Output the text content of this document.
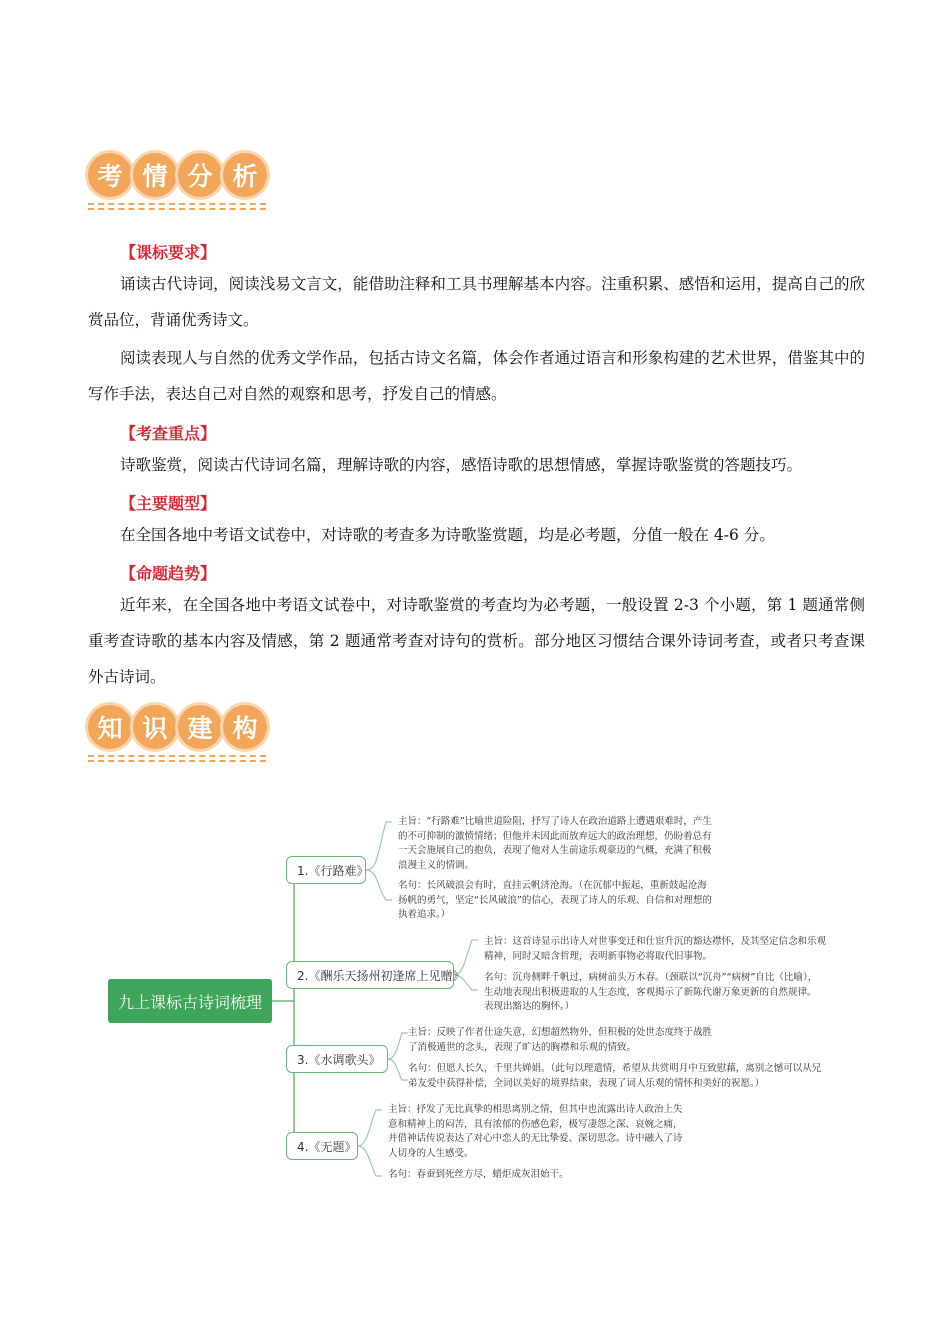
考 情 分 析
【课标要求】
诵读古代诗词，阅读浅易文言文，能借助注释和工具书理解基本内容。注重积累、感悟和运用，提高自己的欣赏品位，背诵优秀诗文。
阅读表现人与自然的优秀文学作品，包括古诗文名篇，体会作者通过语言和形象构建的艺术世界，借鉴其中的写作手法，表达自己对自然的观察和思考，抒发自己的情感。
【考查重点】
诗歌鉴赏，阅读古代诗词名篇，理解诗歌的内容，感悟诗歌的思想情感，掌握诗歌鉴赏的答题技巧。
【主要题型】
在全国各地中考语文试卷中，对诗歌的考查多为诗歌鉴赏题，均是必考题，分值一般在 4-6 分。
【命题趋势】
近年来，在全国各地中考语文试卷中，对诗歌鉴赏的考查均为必考题，一般设置 2-3 个小题，第 1 题通常侧重考查诗歌的基本内容及情感，第 2 题通常考查对诗句的赏析。部分地区习惯结合课外诗词考查，或者只考查课外古诗词。
知 识 建 构
九上课标古诗词梳理
1.《行路难》
2.《酬乐天扬州初逢席上见赠》
3.《水调歌头》
4.《无题》
主旨：“行路难”比喻世道险阻，抒写了诗人在政治道路上遭遇艰难时，产生的不可抑制的激愤情绪；但他并未因此而放弃远大的政治理想，仍盼着总有一天会施展自己的抱负，表现了他对人生前途乐观豪迈的气概，充满了积极浪漫主义的情调。
名句：长风破浪会有时，直挂云帆济沧海。（在沉郁中振起，重新鼓起沧海扬帆的勇气，坚定“长风破浪”的信心，表现了诗人的乐观、自信和对理想的执着追求。）
主旨：这首诗显示出诗人对世事变迁和仕宦升沉的豁达襟怀，及其坚定信念和乐观精神，同时又暗含哲理，表明新事物必将取代旧事物。
名句：沉舟侧畔千帆过，病树前头万木春。（颈联以“沉舟”“病树”自比（比喻），生动地表现出积极进取的人生态度，客观揭示了新陈代谢万象更新的自然规律。表现出豁达的胸怀。）
主旨：反映了作者仕途失意，幻想超然物外，但积极的处世态度终于战胜了消极遁世的念头，表现了旷达的胸襟和乐观的情致。
名句：但愿人长久，千里共婵娟。（此句以理遣情，希望从共赏明月中互致慰藉，离别之憾可以从兄弟友爱中获得补偿，全词以美好的境界结束，表现了词人乐观的情怀和美好的祝愿。）
主旨：抒发了无比真挚的相思离别之情，但其中也流露出诗人政治上失意和精神上的闷苦，具有浓郁的伤感色彩，极写凄怨之深、哀婉之痛，并借神话传说表达了对心中恋人的无比挚爱、深切思念。诗中融入了诗人切身的人生感受。
名句：春蚕到死丝方尽，蜡炬成灰泪始干。
